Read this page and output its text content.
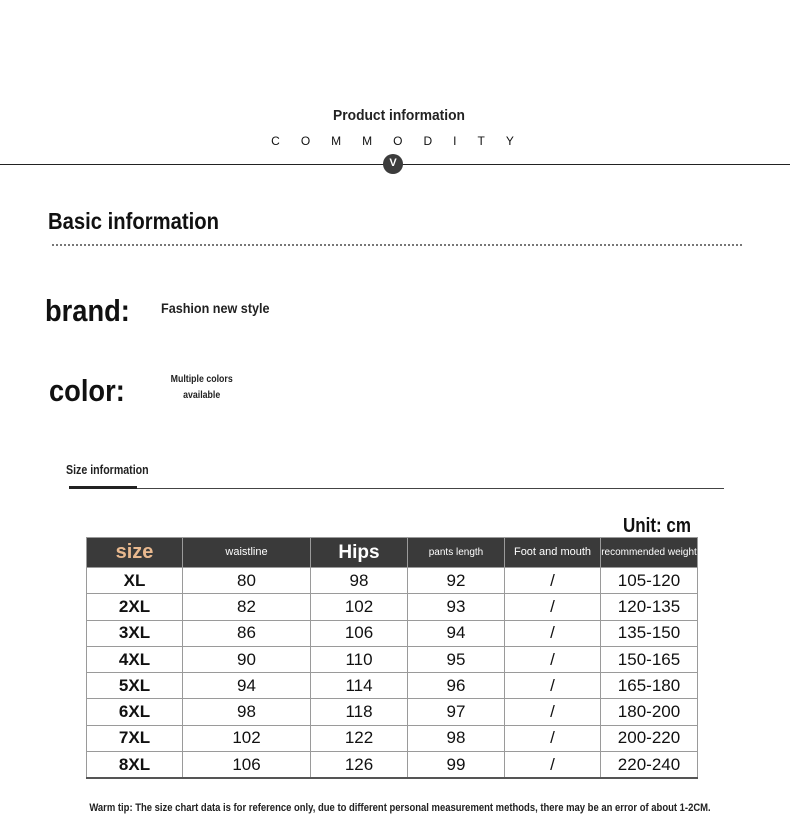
Product information
COMMODITY
V
Basic information
brand: Fashion new style
color:	Multiple colors
available
Size information
Unit: cm
size	waistline	Hips	pants length	Foot and mouth	recommended weight
XL	80	98	92	/	105-120
2XL	82	102	93	/	120-135
3XL	86	106	94	/	135-150
4XL	90	110	95	/	150-165
5XL	94	114	96	/	165-180
6XL	98	118	97	/	180-200
7XL	102	122	98	/	200-220
8XL	106	126	99	/	220-240
Warm tip: The size chart data is for reference only, due to different personal measurement methods, there may be an error of about 1-2CM.
